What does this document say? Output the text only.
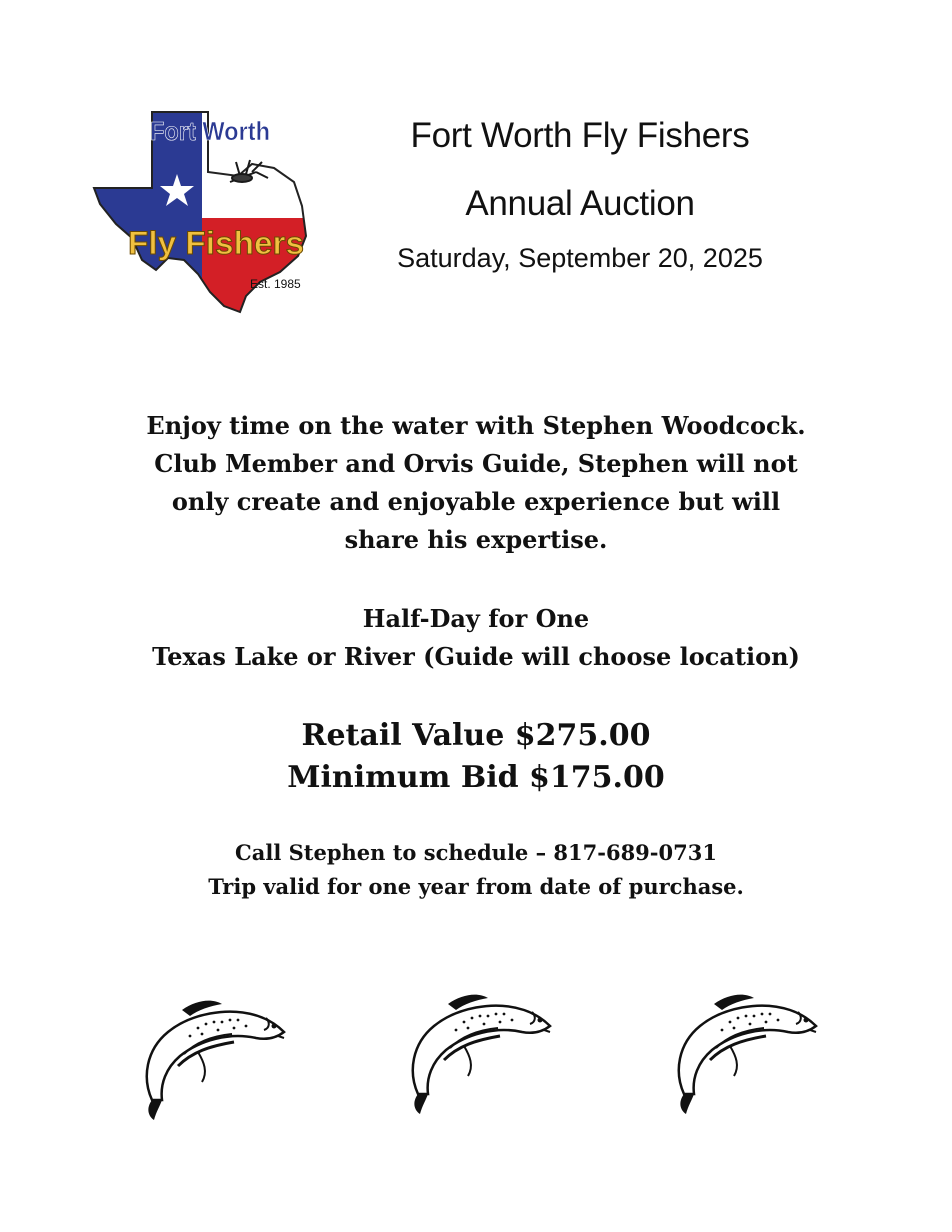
Fort Worth
Fly Fishers
Est. 1985
Fort Worth Fly Fishers
Annual Auction
Saturday, September 20, 2025
Enjoy time on the water with Stephen Woodcock.
Club Member and Orvis Guide, Stephen will not
only create and enjoyable experience but will
share his expertise.
Half-Day for One
Texas Lake or River (Guide will choose location)
Retail Value $275.00
Minimum Bid $175.00
Call Stephen to schedule – 817-689-0731
Trip valid for one year from date of purchase.
